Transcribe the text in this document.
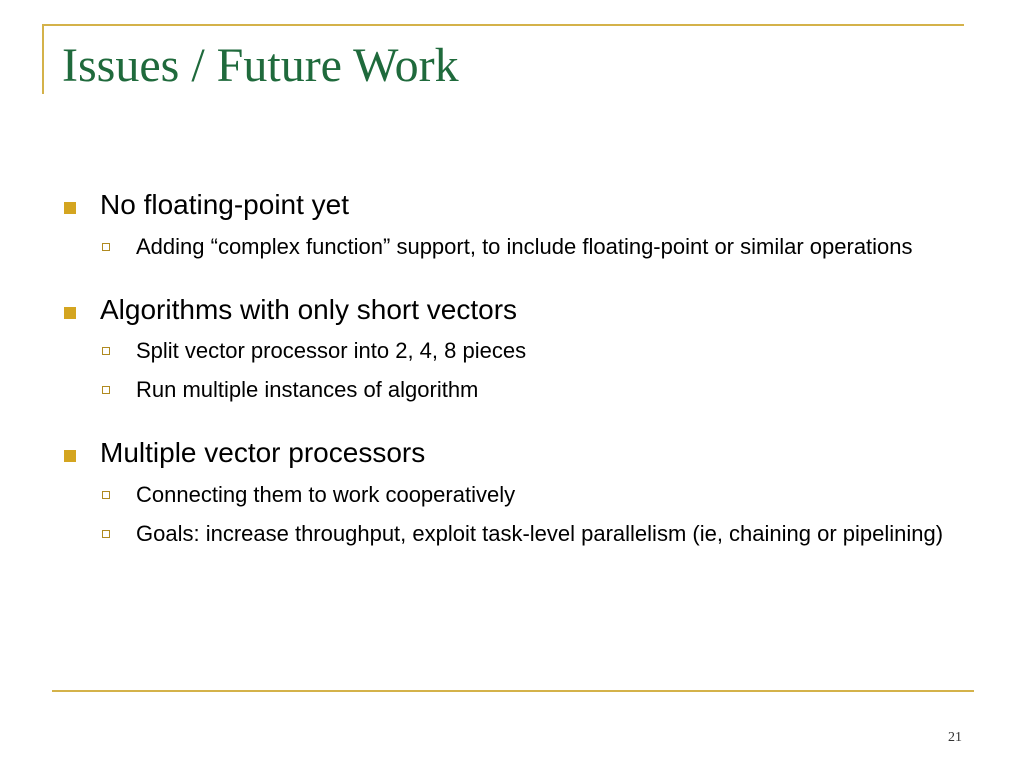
Issues / Future Work
No floating-point yet
Adding “complex function” support, to include floating-point or similar operations
Algorithms with only short vectors
Split vector processor into 2, 4, 8 pieces
Run multiple instances of algorithm
Multiple vector processors
Connecting them to work cooperatively
Goals: increase throughput, exploit task-level parallelism (ie, chaining or pipelining)
21
